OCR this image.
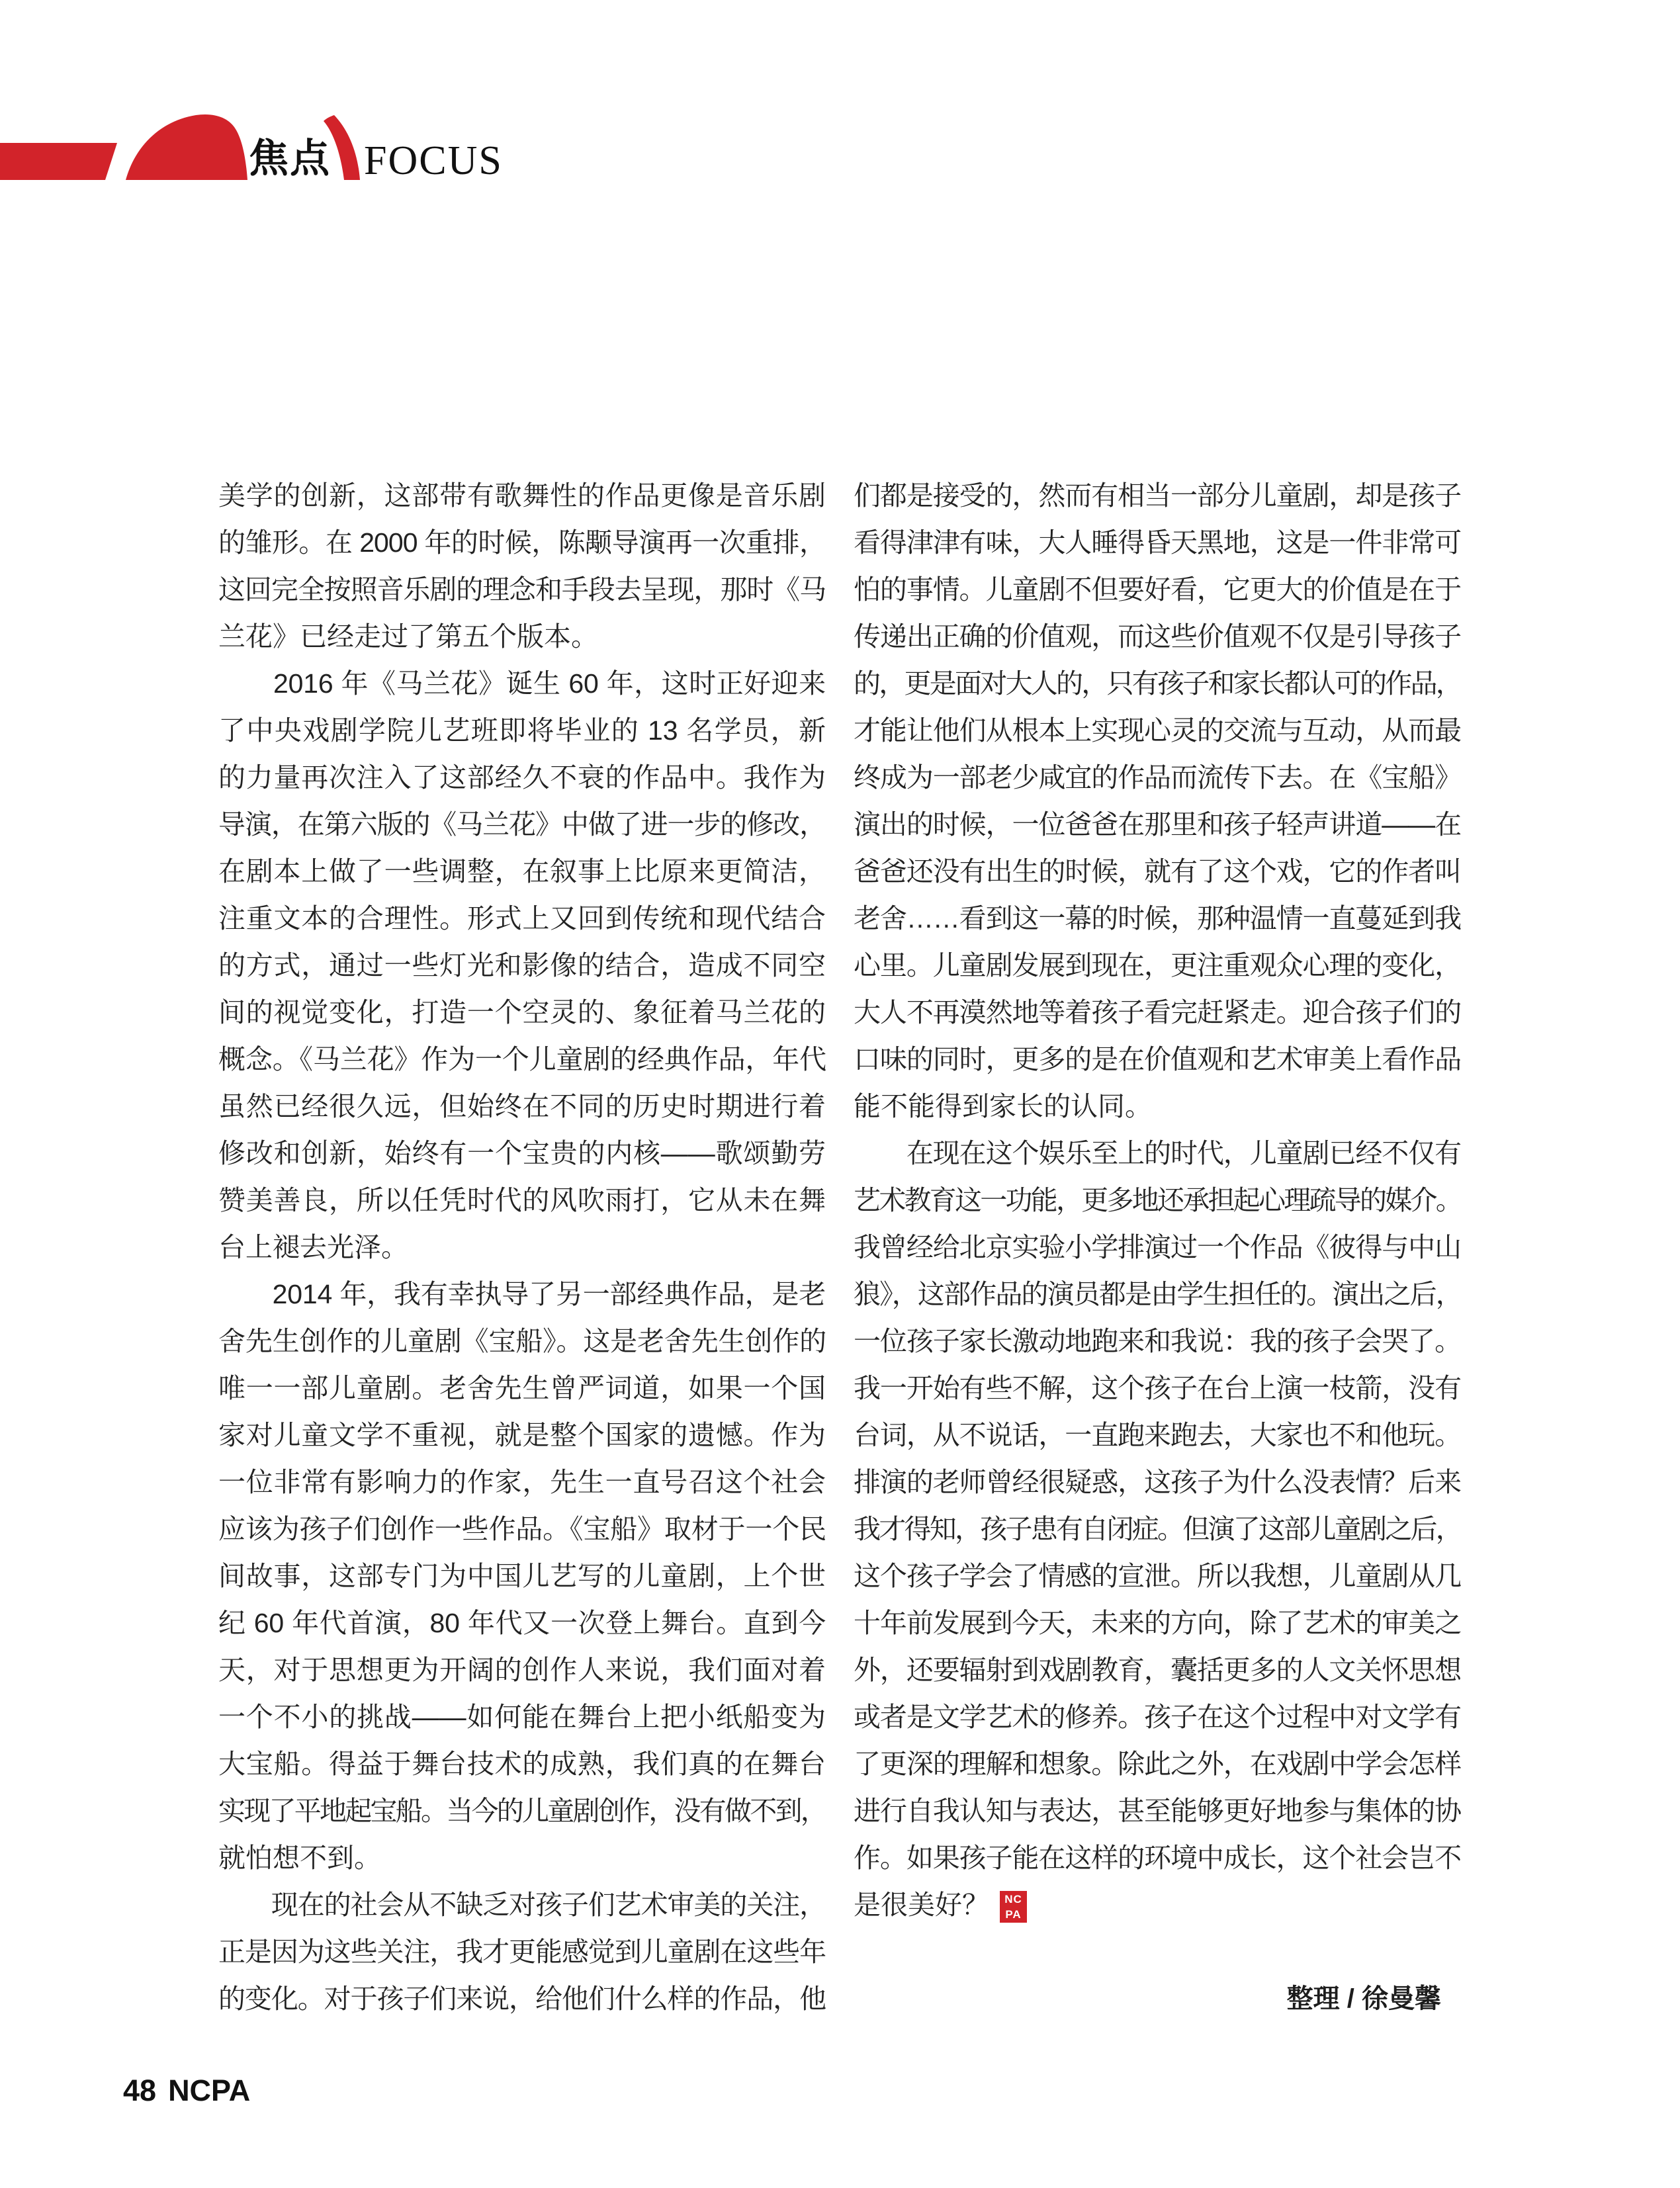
焦点 FOCUS
美学的创新，这部带有歌舞性的作品更像是音乐剧
的雏形。在 2000 年的时候，陈颙导演再一次重排，
这回完全按照音乐剧的理念和手段去呈现，那时《马
兰花》已经走过了第五个版本。
　　2016 年《马兰花》诞生 60 年，这时正好迎来
了中央戏剧学院儿艺班即将毕业的 13 名学员，新
的力量再次注入了这部经久不衰的作品中。我作为
导演，在第六版的《马兰花》中做了进一步的修改，
在剧本上做了一些调整，在叙事上比原来更简洁，
注重文本的合理性。形式上又回到传统和现代结合
的方式，通过一些灯光和影像的结合，造成不同空
间的视觉变化，打造一个空灵的、象征着马兰花的
概念。《马兰花》作为一个儿童剧的经典作品，年代
虽然已经很久远，但始终在不同的历史时期进行着
修改和创新，始终有一个宝贵的内核——歌颂勤劳
赞美善良，所以任凭时代的风吹雨打，它从未在舞
台上褪去光泽。
　　2014 年，我有幸执导了另一部经典作品，是老
舍先生创作的儿童剧《宝船》。这是老舍先生创作的
唯一一部儿童剧。老舍先生曾严词道，如果一个国
家对儿童文学不重视，就是整个国家的遗憾。作为
一位非常有影响力的作家，先生一直号召这个社会
应该为孩子们创作一些作品。《宝船》取材于一个民
间故事，这部专门为中国儿艺写的儿童剧，上个世
纪 60 年代首演，80 年代又一次登上舞台。直到今
天，对于思想更为开阔的创作人来说，我们面对着
一个不小的挑战——如何能在舞台上把小纸船变为
大宝船。得益于舞台技术的成熟，我们真的在舞台
实现了平地起宝船。当今的儿童剧创作，没有做不到，
就怕想不到。
　　现在的社会从不缺乏对孩子们艺术审美的关注，
正是因为这些关注，我才更能感觉到儿童剧在这些年
的变化。对于孩子们来说，给他们什么样的作品，他
们都是接受的，然而有相当一部分儿童剧，却是孩子
看得津津有味，大人睡得昏天黑地，这是一件非常可
怕的事情。儿童剧不但要好看，它更大的价值是在于
传递出正确的价值观，而这些价值观不仅是引导孩子
的，更是面对大人的，只有孩子和家长都认可的作品，
才能让他们从根本上实现心灵的交流与互动，从而最
终成为一部老少咸宜的作品而流传下去。在《宝船》
演出的时候，一位爸爸在那里和孩子轻声讲道——在
爸爸还没有出生的时候，就有了这个戏，它的作者叫
老舍……看到这一幕的时候，那种温情一直蔓延到我
心里。儿童剧发展到现在，更注重观众心理的变化，
大人不再漠然地等着孩子看完赶紧走。迎合孩子们的
口味的同时，更多的是在价值观和艺术审美上看作品
能不能得到家长的认同。
　　在现在这个娱乐至上的时代，儿童剧已经不仅有
艺术教育这一功能，更多地还承担起心理疏导的媒介。
我曾经给北京实验小学排演过一个作品《彼得与中山
狼》，这部作品的演员都是由学生担任的。演出之后，
一位孩子家长激动地跑来和我说：我的孩子会哭了。
我一开始有些不解，这个孩子在台上演一枝箭，没有
台词，从不说话，一直跑来跑去，大家也不和他玩。
排演的老师曾经很疑惑，这孩子为什么没表情？后来
我才得知，孩子患有自闭症。但演了这部儿童剧之后，
这个孩子学会了情感的宣泄。所以我想，儿童剧从几
十年前发展到今天，未来的方向，除了艺术的审美之
外，还要辐射到戏剧教育，囊括更多的人文关怀思想
或者是文学艺术的修养。孩子在这个过程中对文学有
了更深的理解和想象。除此之外，在戏剧中学会怎样
进行自我认知与表达，甚至能够更好地参与集体的协
作。如果孩子能在这样的环境中成长，这个社会岂不
是很美好？	NC
PA
整理 / 徐曼馨
48 NCPA
